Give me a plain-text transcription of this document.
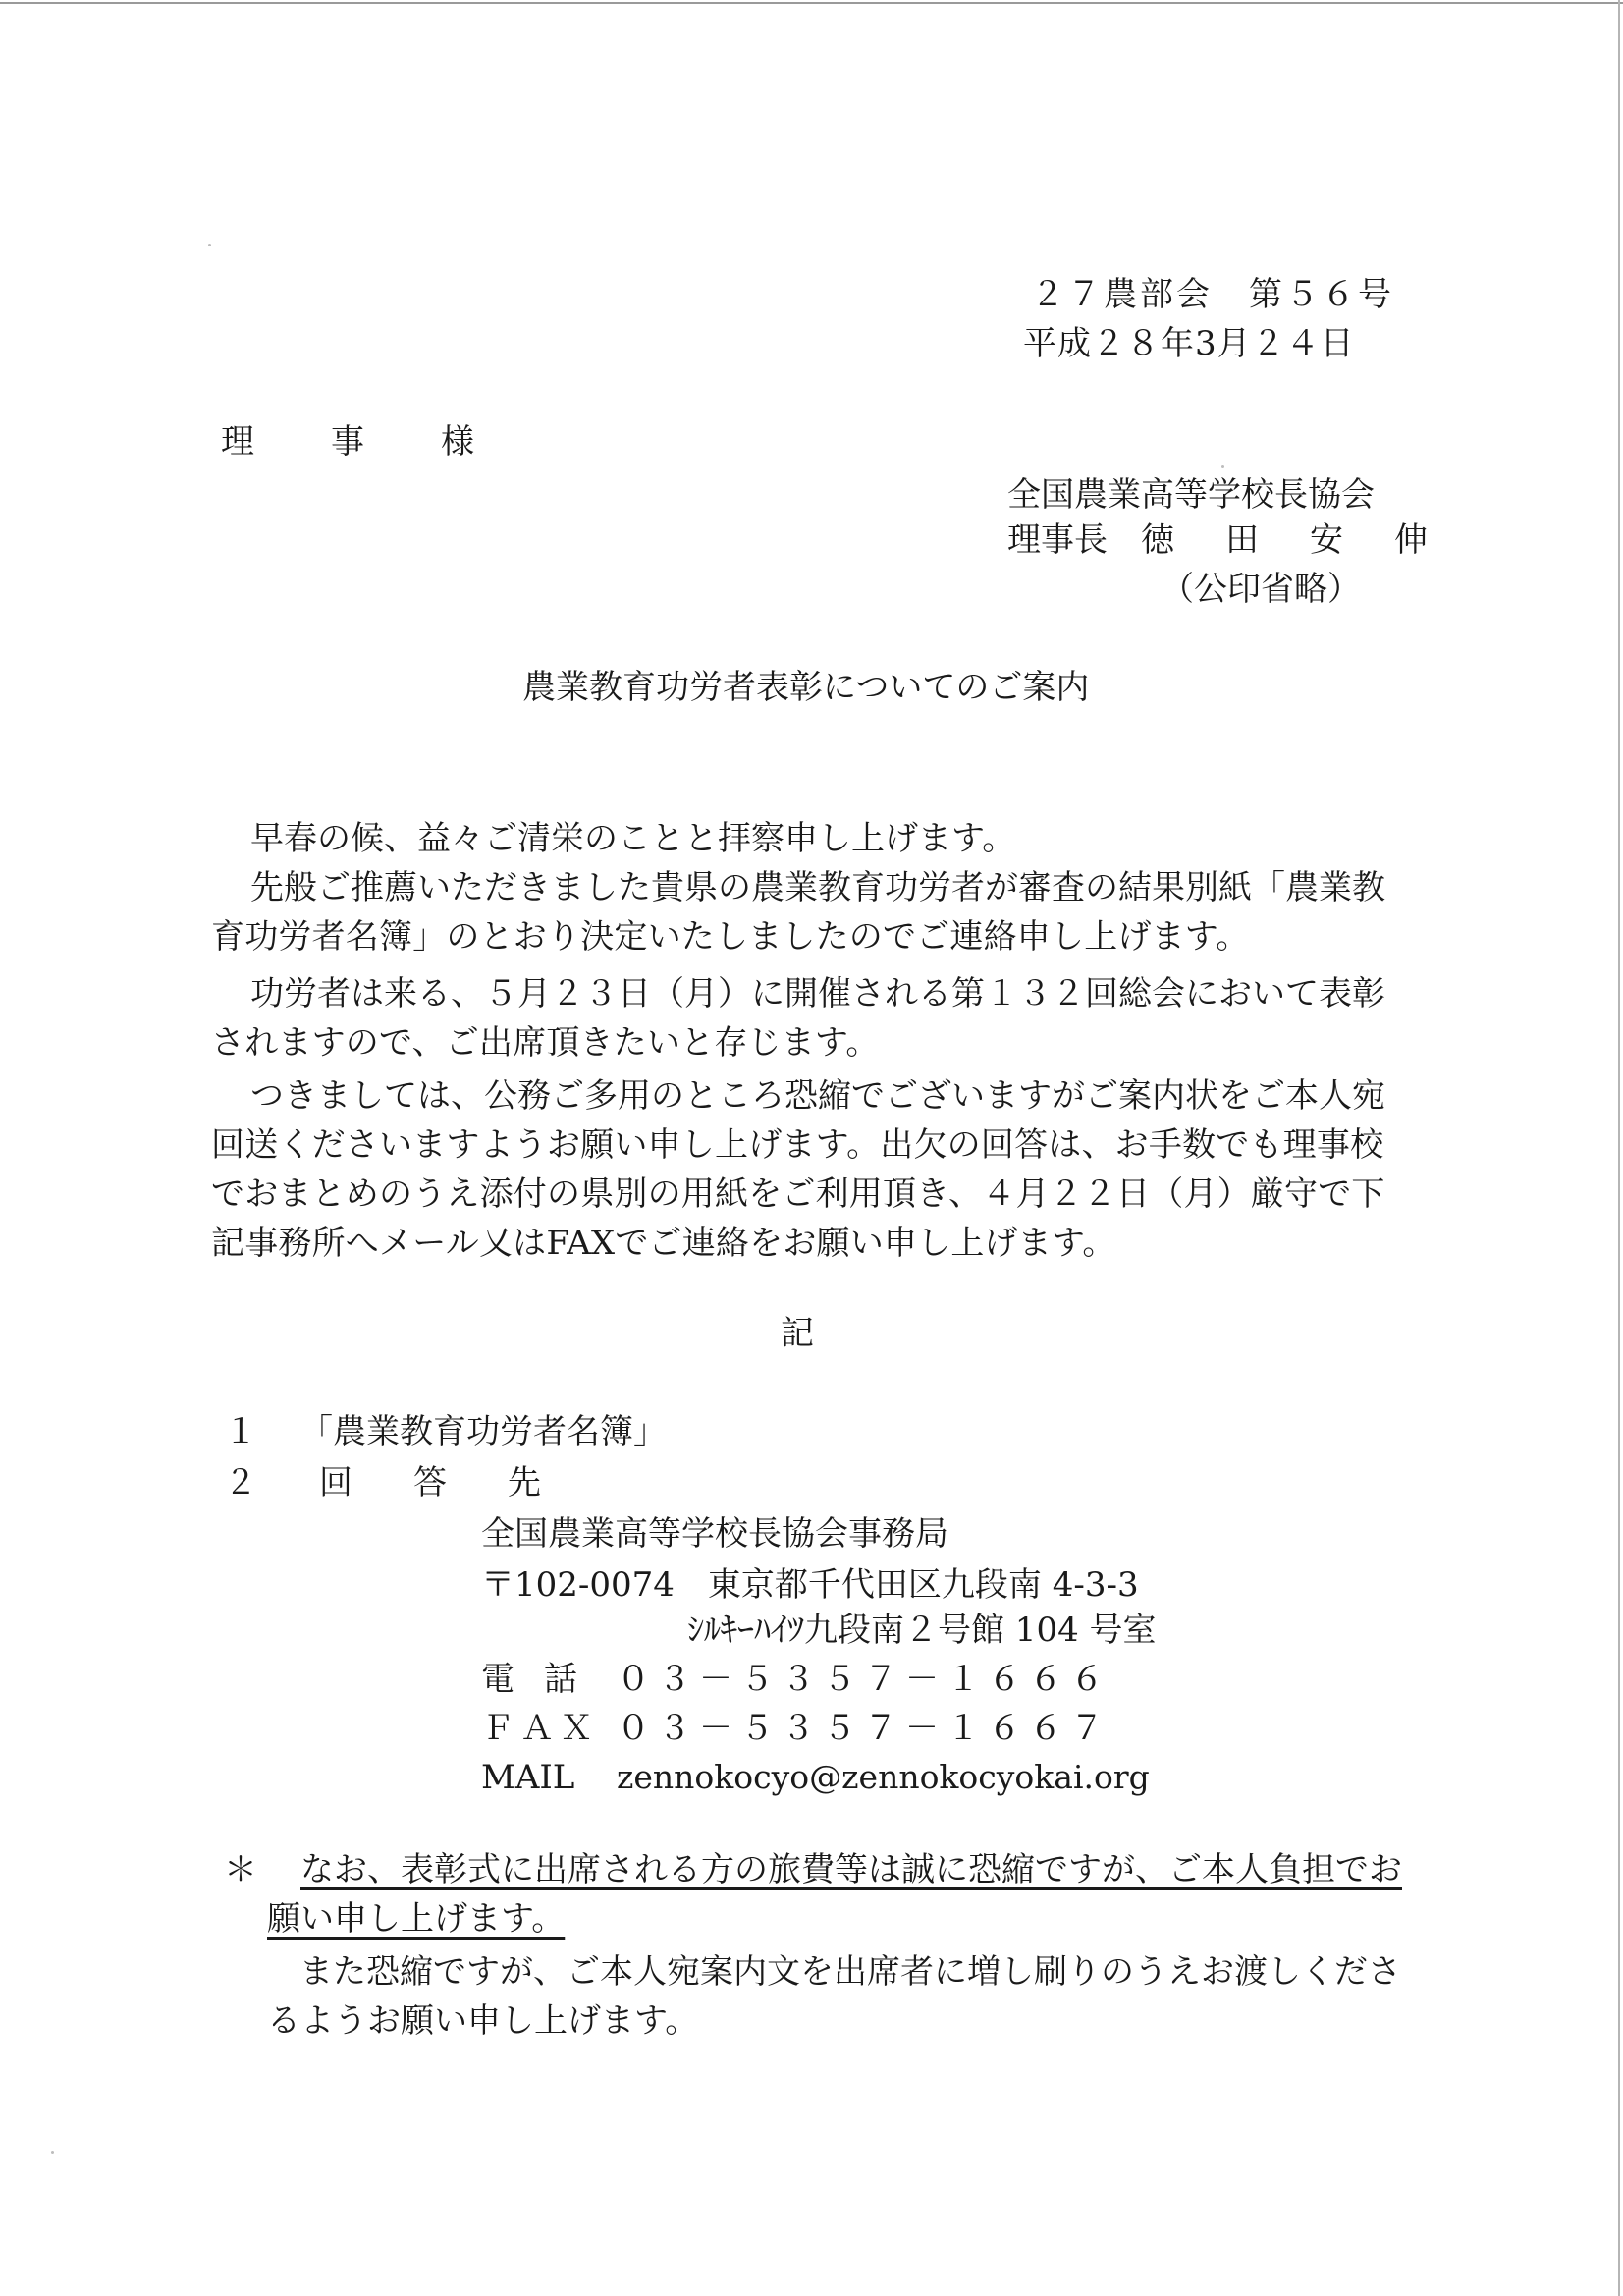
２７農部会　第５６号
平成２８年3月２４日
理　事　様
全国農業高等学校長協会
理事長 徳 田 安 伸
（公印省略）
農業教育功労者表彰についてのご案内
早春の候、益々ご清栄のことと拝察申し上げます。
先般ご推薦いただきました貴県の農業教育功労者が審査の結果別紙「農業教
育功労者名簿」のとおり決定いたしましたのでご連絡申し上げます。
功労者は来る、５月２３日（月）に開催される第１３２回総会において表彰
されますので、ご出席頂きたいと存じます。
つきましては、公務ご多用のところ恐縮でございますがご案内状をご本人宛
回送くださいますようお願い申し上げます。出欠の回答は、お手数でも理事校
でおまとめのうえ添付の県別の用紙をご利用頂き、４月２２日（月）厳守で下
記事務所へメール又はFAXでご連絡をお願い申し上げます。
記
１ 「農業教育功労者名簿」
２ 回答先
全国農業高等学校長協会事務局
〒102-0074　東京都千代田区九段南 4-3-3
ｼﾙｷｰﾊｲﾂ九段南２号館 104 号室
電話 ０３－５３５７－１６６６
ＦＡＸ ０３－５３５７－１６６７
MAIL zennokocyo@zennokocyokai.org
＊	なお、表彰式に出席される方の旅費等は誠に恐縮ですが、ご本人負担でお
願い申し上げます。
また恐縮ですが、ご本人宛案内文を出席者に増し刷りのうえお渡しくださ
るようお願い申し上げます。
